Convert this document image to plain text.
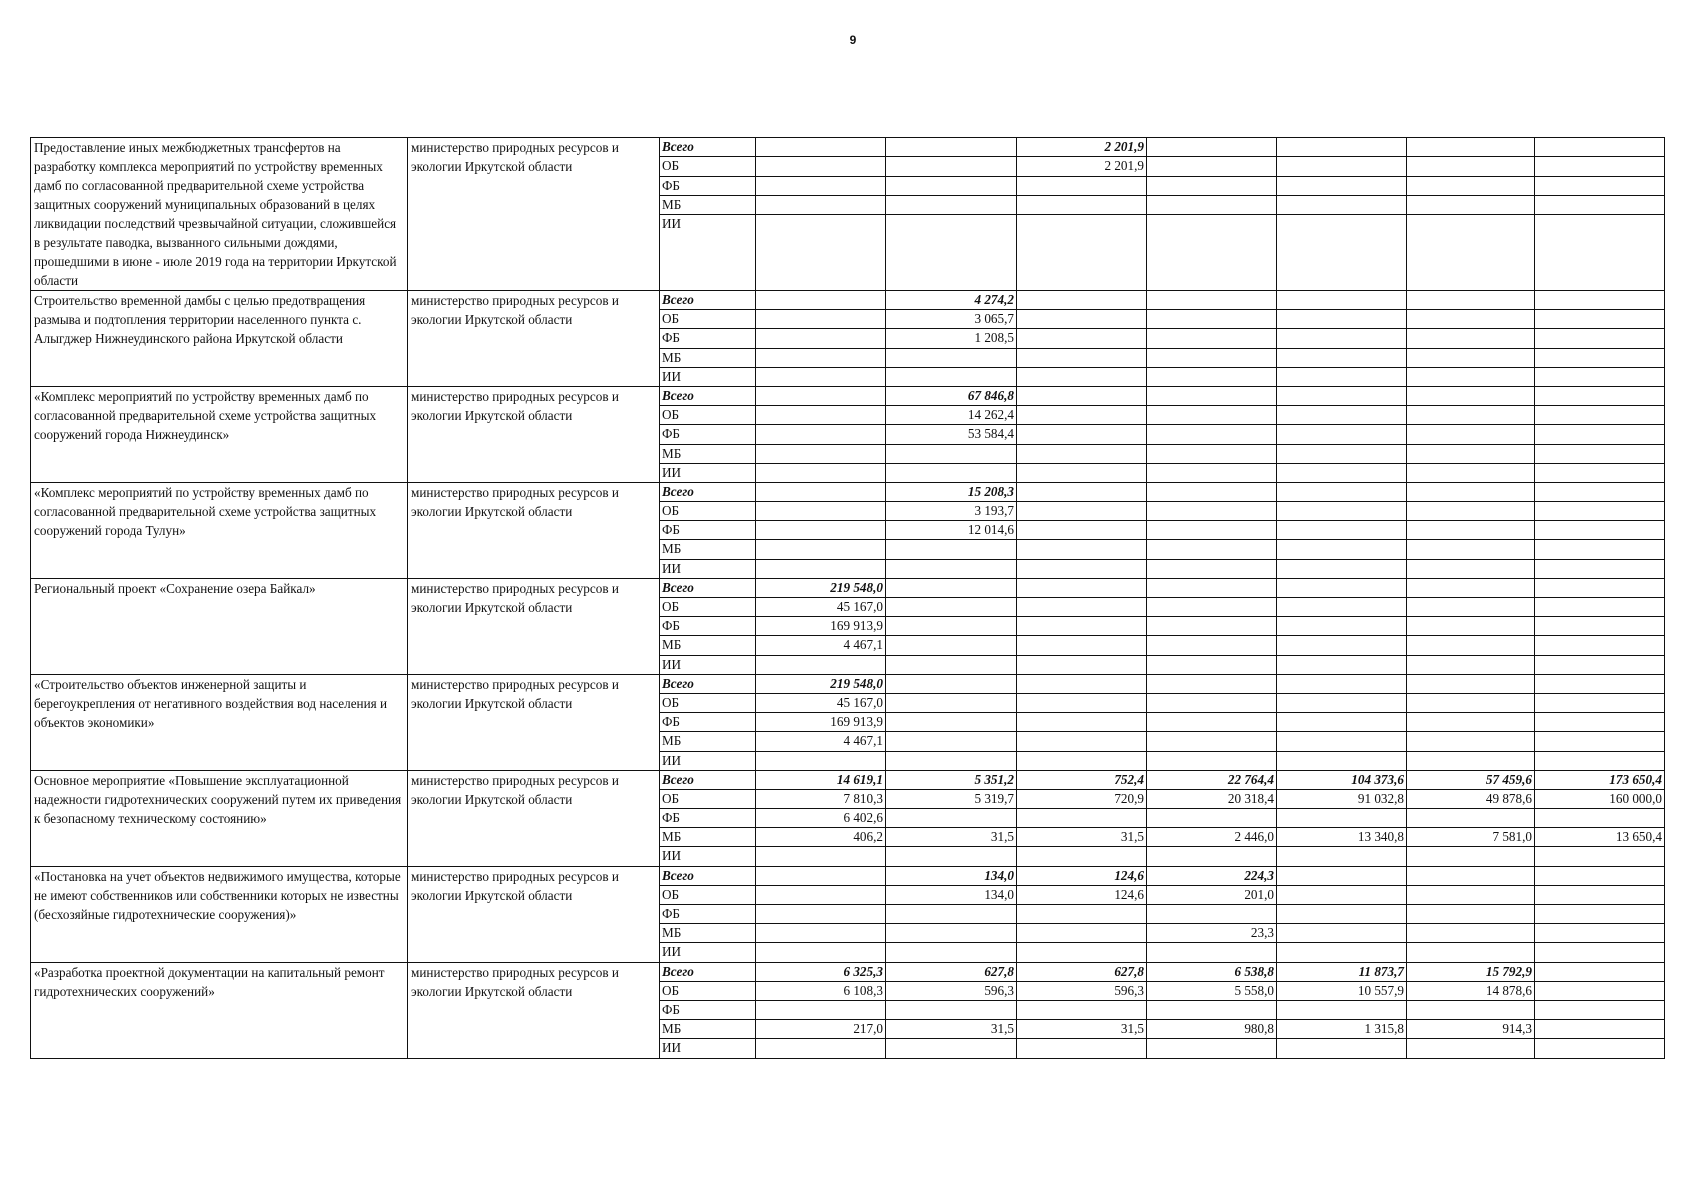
9
Предоставление иных межбюджетных трансфертов на разработку комплекса мероприятий по устройству временных дамб по согласованной предварительной схеме устройства защитных сооружений муниципальных образований в целях ликвидации последствий чрезвычайной ситуации, сложившейся в результате паводка, вызванного сильными дождями, прошедшими в июне - июле 2019 года на территории Иркутской области	министерство природных ресурсов и экологии Иркутской области	Всего			2 201,9				
		ОБ			2 201,9				
		ФБ							
		МБ							
		ИИ							
Строительство временной дамбы с целью предотвращения размыва и подтопления территории населенного пункта с. Алыгджер Нижнеудинского района Иркутской области	министерство природных ресурсов и экологии Иркутской области	Всего		4 274,2					
		ОБ		3 065,7					
		ФБ		1 208,5					
		МБ							
		ИИ							
«Комплекс мероприятий по устройству временных дамб по согласованной предварительной схеме устройства защитных сооружений города Нижнеудинск»	министерство природных ресурсов и экологии Иркутской области	Всего		67 846,8					
		ОБ		14 262,4					
		ФБ		53 584,4					
		МБ							
		ИИ							
«Комплекс мероприятий по устройству временных дамб по согласованной предварительной схеме устройства защитных сооружений города Тулун»	министерство природных ресурсов и экологии Иркутской области	Всего		15 208,3					
		ОБ		3 193,7					
		ФБ		12 014,6					
		МБ							
		ИИ							
Региональный проект «Сохранение озера Байкал»	министерство природных ресурсов и экологии Иркутской области	Всего	219 548,0						
		ОБ	45 167,0						
		ФБ	169 913,9						
		МБ	4 467,1						
		ИИ							
«Строительство объектов инженерной защиты и берегоукрепления от негативного воздействия вод населения и объектов экономики»	министерство природных ресурсов и экологии Иркутской области	Всего	219 548,0						
		ОБ	45 167,0						
		ФБ	169 913,9						
		МБ	4 467,1						
		ИИ							
Основное мероприятие «Повышение эксплуатационной надежности гидротехнических сооружений путем их приведения к безопасному техническому состоянию»	министерство природных ресурсов и экологии Иркутской области	Всего	14 619,1	5 351,2	752,4	22 764,4	104 373,6	57 459,6	173 650,4
		ОБ	7 810,3	5 319,7	720,9	20 318,4	91 032,8	49 878,6	160 000,0
		ФБ	6 402,6						
		МБ	406,2	31,5	31,5	2 446,0	13 340,8	7 581,0	13 650,4
		ИИ							
«Постановка на учет объектов недвижимого имущества, которые не имеют собственников или собственники которых не известны (бесхозяйные гидротехнические сооружения)»	министерство природных ресурсов и экологии Иркутской области	Всего		134,0	124,6	224,3			
		ОБ		134,0	124,6	201,0			
		ФБ							
		МБ				23,3			
		ИИ							
«Разработка проектной документации на капитальный ремонт гидротехнических сооружений»	министерство природных ресурсов и экологии Иркутской области	Всего	6 325,3	627,8	627,8	6 538,8	11 873,7	15 792,9	
		ОБ	6 108,3	596,3	596,3	5 558,0	10 557,9	14 878,6	
		ФБ							
		МБ	217,0	31,5	31,5	980,8	1 315,8	914,3	
		ИИ							
